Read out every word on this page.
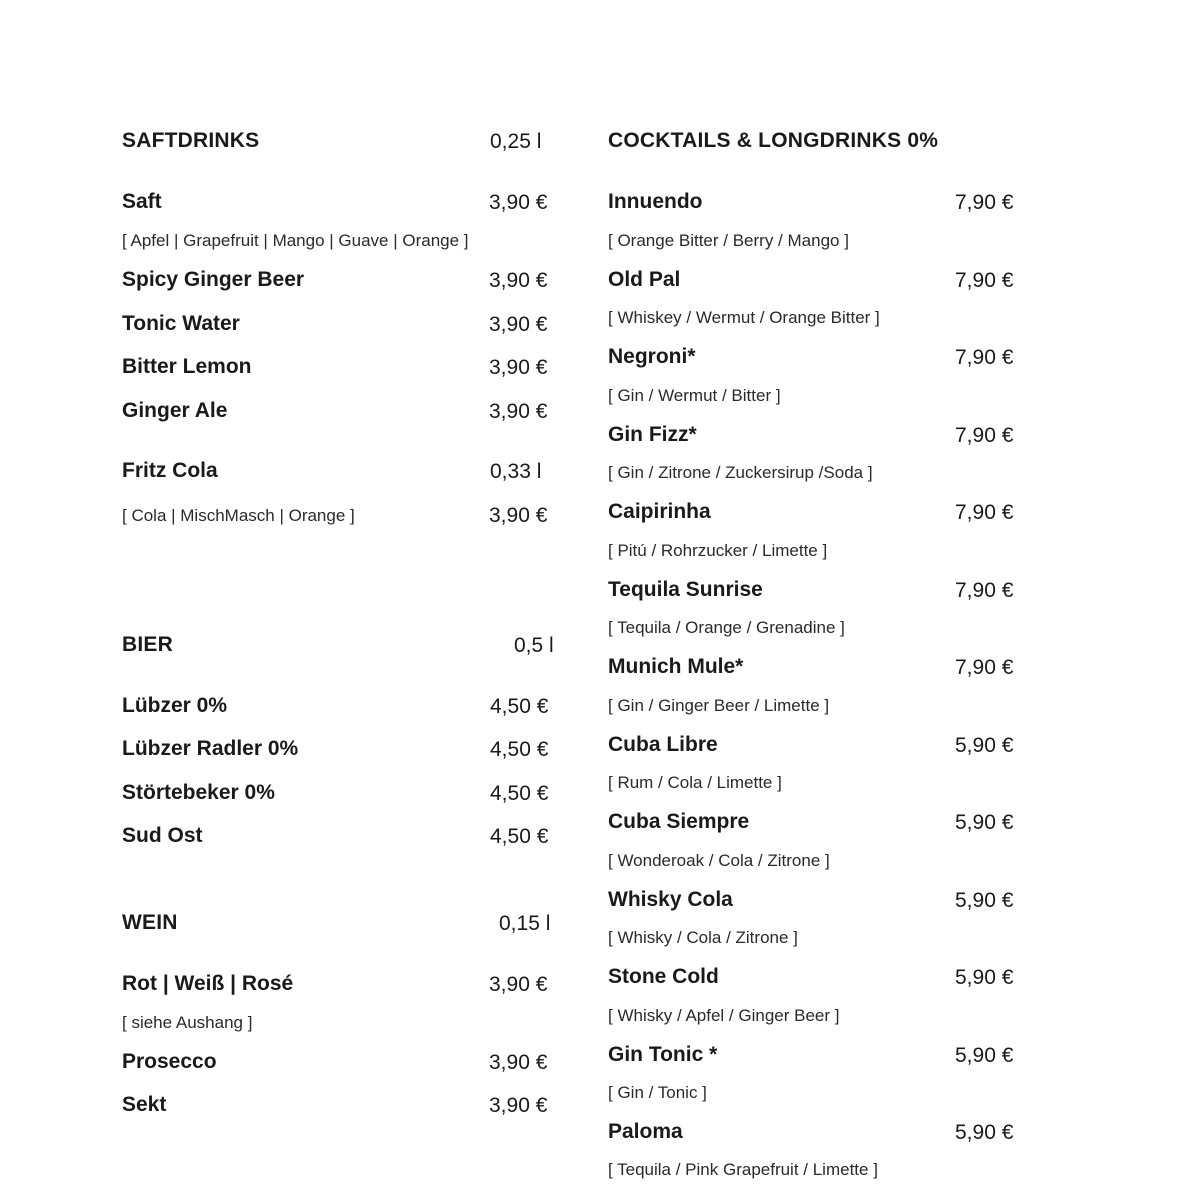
SAFTDRINKS	0,25 l
Saft	3,90 €
[ Apfel | Grapefruit | Mango | Guave | Orange ]
Spicy Ginger Beer	3,90 €
Tonic Water	3,90 €
Bitter Lemon	3,90 €
Ginger Ale	3,90 €
Fritz Cola	0,33 l
[ Cola | MischMasch | Orange ]	3,90 €
BIER	0,5 l
Lübzer 0%	4,50 €
Lübzer Radler 0%	4,50 €
Störtebeker 0%	4,50 €
Sud Ost	4,50 €
WEIN	0,15 l
Rot | Weiß | Rosé	3,90 €
[ siehe Aushang ]
Prosecco	3,90 €
Sekt	3,90 €
COCKTAILS & LONGDRINKS 0%
Innuendo	7,90 €
[ Orange Bitter / Berry / Mango ]
Old Pal	7,90 €
[ Whiskey / Wermut / Orange Bitter ]
Negroni*	7,90 €
[ Gin / Wermut / Bitter ]
Gin Fizz*	7,90 €
[ Gin / Zitrone / Zuckersirup /Soda ]
Caipirinha	7,90 €
[ Pitú / Rohrzucker / Limette ]
Tequila Sunrise	7,90 €
[ Tequila / Orange / Grenadine ]
Munich Mule*	7,90 €
[ Gin / Ginger Beer / Limette ]
Cuba Libre	5,90 €
[ Rum / Cola / Limette ]
Cuba Siempre	5,90 €
[ Wonderoak / Cola / Zitrone ]
Whisky Cola	5,90 €
[ Whisky / Cola / Zitrone ]
Stone Cold	5,90 €
[ Whisky / Apfel / Ginger Beer ]
Gin Tonic *	5,90 €
[ Gin / Tonic ]
Paloma	5,90 €
[ Tequila / Pink Grapefruit / Limette ]
